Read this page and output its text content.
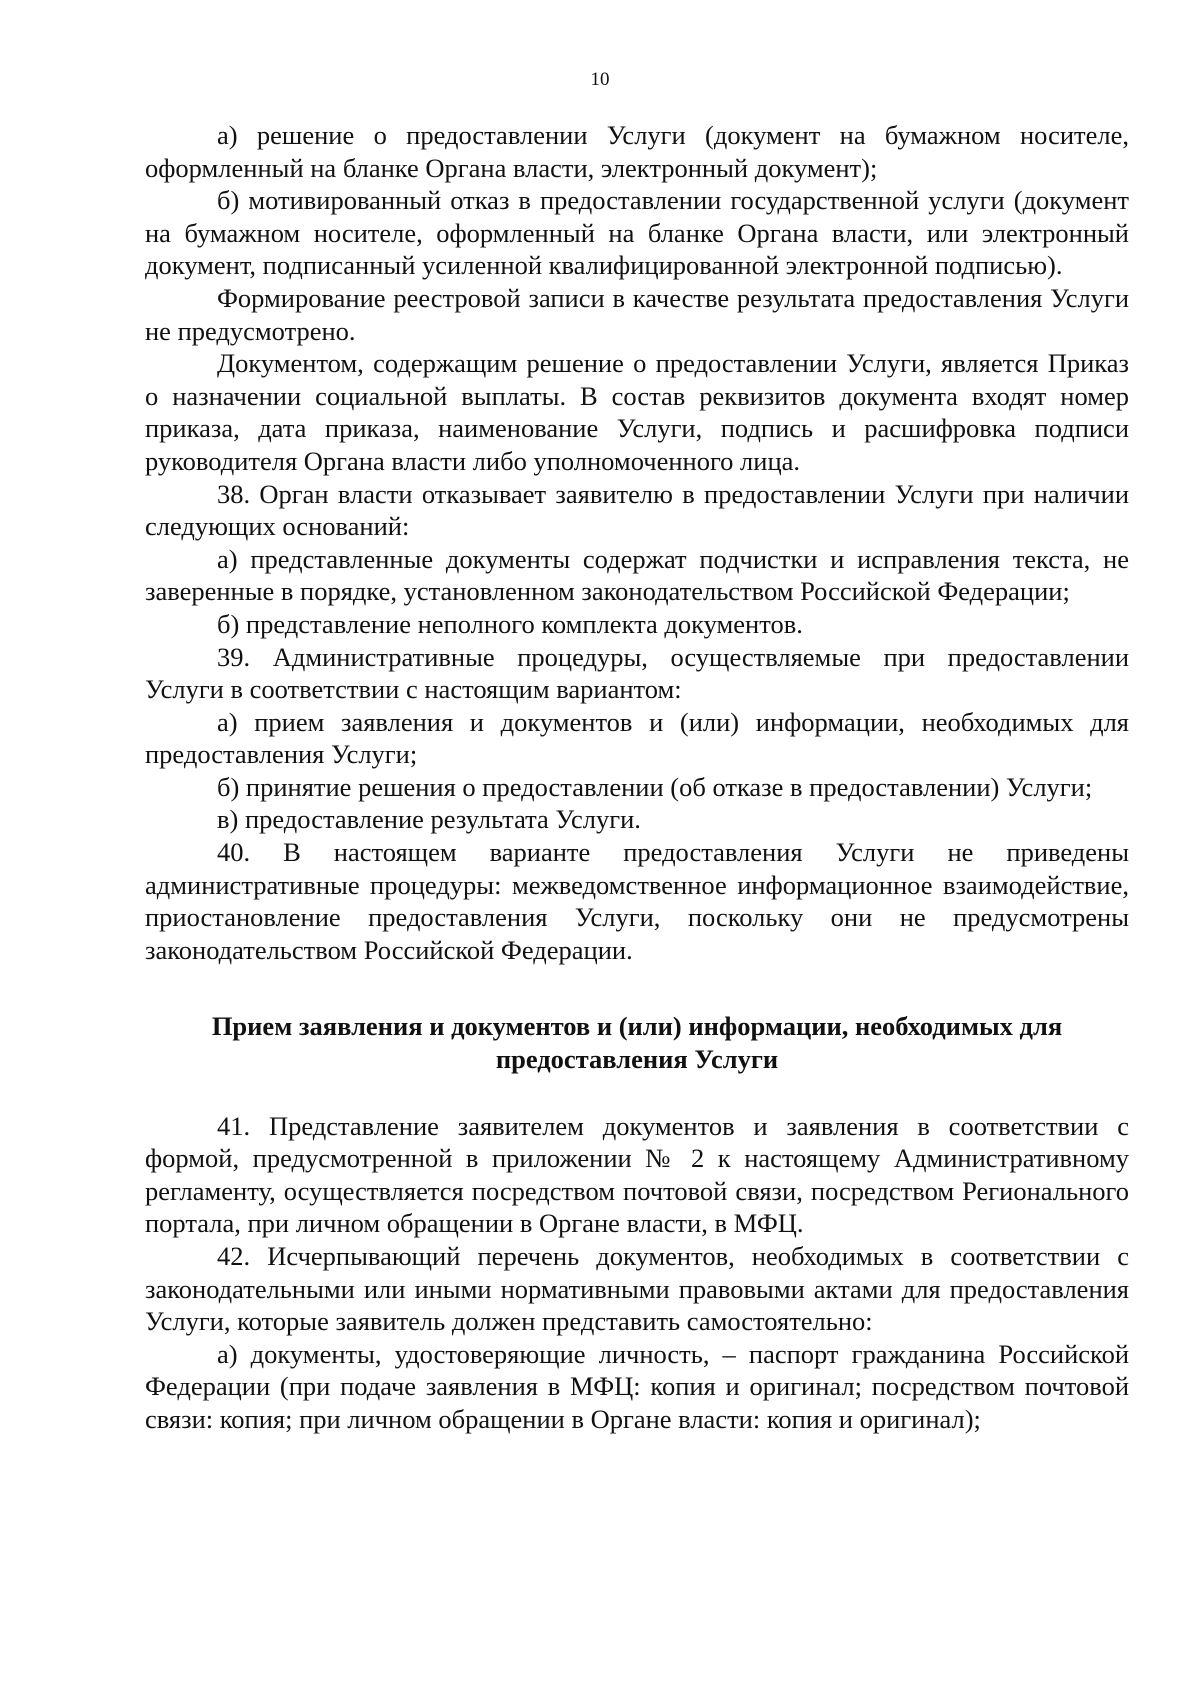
10

а) решение о предоставлении Услуги (документ на бумажном носителе, оформленный на бланке Органа власти, электронный документ);

б) мотивированный отказ в предоставлении государственной услуги (документ на бумажном носителе, оформленный на бланке Органа власти, или электронный документ, подписанный усиленной квалифицированной электронной подписью).

Формирование реестровой записи в качестве результата предоставления Услуги не предусмотрено.

Документом, содержащим решение о предоставлении Услуги, является Приказ о назначении социальной выплаты. В состав реквизитов документа входят номер приказа, дата приказа, наименование Услуги, подпись и расшифровка подписи руководителя Органа власти либо уполномоченного лица.

38. Орган власти отказывает заявителю в предоставлении Услуги при наличии следующих оснований:

а) представленные документы содержат подчистки и исправления текста, не заверенные в порядке, установленном законодательством Российской Федерации;

б) представление неполного комплекта документов.

39. Административные процедуры, осуществляемые при предоставлении Услуги в соответствии с настоящим вариантом:

а) прием заявления и документов и (или) информации, необходимых для предоставления Услуги;

б) принятие решения о предоставлении (об отказе в предоставлении) Услуги;

в) предоставление результата Услуги.

40. В настоящем варианте предоставления Услуги не приведены административные процедуры: межведомственное информационное взаимодействие, приостановление предоставления Услуги, поскольку они не предусмотрены законодательством Российской Федерации.

Прием заявления и документов и (или) информации, необходимых для предоставления Услуги

41. Представление заявителем документов и заявления в соответствии с формой, предусмотренной в приложении № 2 к настоящему Административному регламенту, осуществляется посредством почтовой связи, посредством Регионального портала, при личном обращении в Органе власти, в МФЦ.

42. Исчерпывающий перечень документов, необходимых в соответствии с законодательными или иными нормативными правовыми актами для предоставления Услуги, которые заявитель должен представить самостоятельно:

а) документы, удостоверяющие личность, – паспорт гражданина Российской Федерации (при подаче заявления в МФЦ: копия и оригинал; посредством почтовой связи: копия; при личном обращении в Органе власти: копия и оригинал);
